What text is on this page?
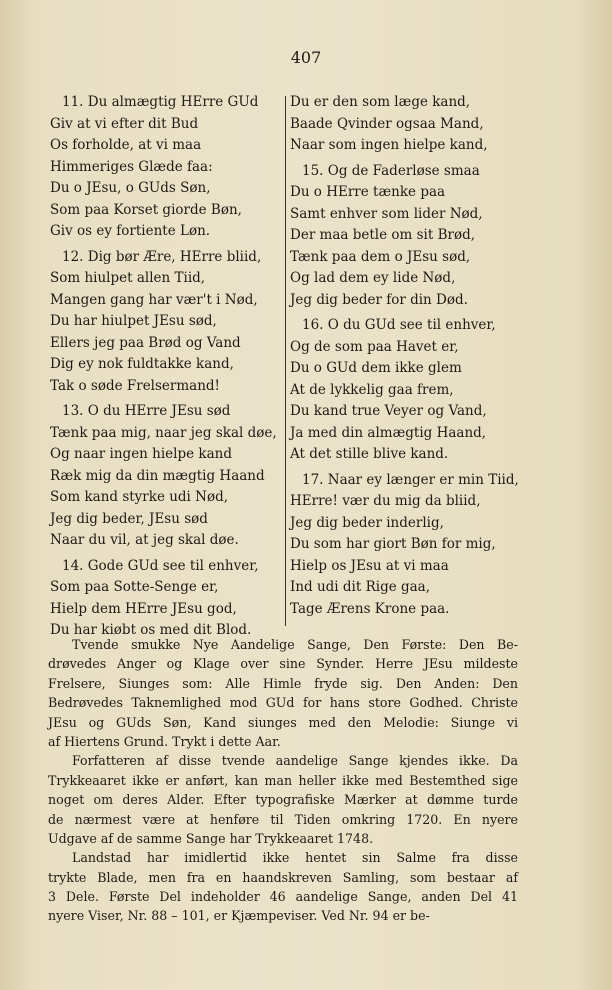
407
11. Du almægtig HErre GUd
Giv at vi efter dit Bud
Os forholde, at vi maa
Himmeriges Glæde faa:
Du o JEsu, o GUds Søn,
Som paa Korset giorde Bøn,
Giv os ey fortiente Løn.
12. Dig bør Ære, HErre bliid,
Som hiulpet allen Tiid,
Mangen gang har vær't i Nød,
Du har hiulpet JEsu sød,
Ellers jeg paa Brød og Vand
Dig ey nok fuldtakke kand,
Tak o søde Frelsermand!
13. O du HErre JEsu sød
Tænk paa mig, naar jeg skal døe,
Og naar ingen hielpe kand
Ræk mig da din mægtig Haand
Som kand styrke udi Nød,
Jeg dig beder, JEsu sød
Naar du vil, at jeg skal døe.
14. Gode GUd see til enhver,
Som paa Sotte-Senge er,
Hielp dem HErre JEsu god,
Du har kiøbt os med dit Blod.
Du er den som læge kand,
Baade Qvinder ogsaa Mand,
Naar som ingen hielpe kand,
15. Og de Faderløse smaa
Du o HErre tænke paa
Samt enhver som lider Nød,
Der maa betle om sit Brød,
Tænk paa dem o JEsu sød,
Og lad dem ey lide Nød,
Jeg dig beder for din Død.
16. O du GUd see til enhver,
Og de som paa Havet er,
Du o GUd dem ikke glem
At de lykkelig gaa frem,
Du kand true Veyer og Vand,
Ja med din almægtig Haand,
At det stille blive kand.
17. Naar ey længer er min Tiid,
HErre! vær du mig da bliid,
Jeg dig beder inderlig,
Du som har giort Bøn for mig,
Hielp os JEsu at vi maa
Ind udi dit Rige gaa,
Tage Ærens Krone paa.
Tvende smukke Nye Aandelige Sange, Den Første: Den Be-
drøvedes Anger og Klage over sine Synder. Herre JEsu mildeste
Frelsere, Siunges som: Alle Himle fryde sig. Den Anden: Den
Bedrøvedes Taknemlighed mod GUd for hans store Godhed. Christe
JEsu og GUds Søn, Kand siunges med den Melodie: Siunge vi
af Hiertens Grund. Trykt i dette Aar.
Forfatteren af disse tvende aandelige Sange kjendes ikke. Da
Trykkeaaret ikke er anført, kan man heller ikke med Bestemthed sige
noget om deres Alder. Efter typografiske Mærker at dømme turde
de nærmest være at henføre til Tiden omkring 1720. En nyere
Udgave af de samme Sange har Trykkeaaret 1748.
Landstad har imidlertid ikke hentet sin Salme fra disse
trykte Blade, men fra en haandskreven Samling, som bestaar af
3 Dele. Første Del indeholder 46 aandelige Sange, anden Del 41
nyere Viser, Nr. 88 – 101, er Kjæmpeviser. Ved Nr. 94 er be-
